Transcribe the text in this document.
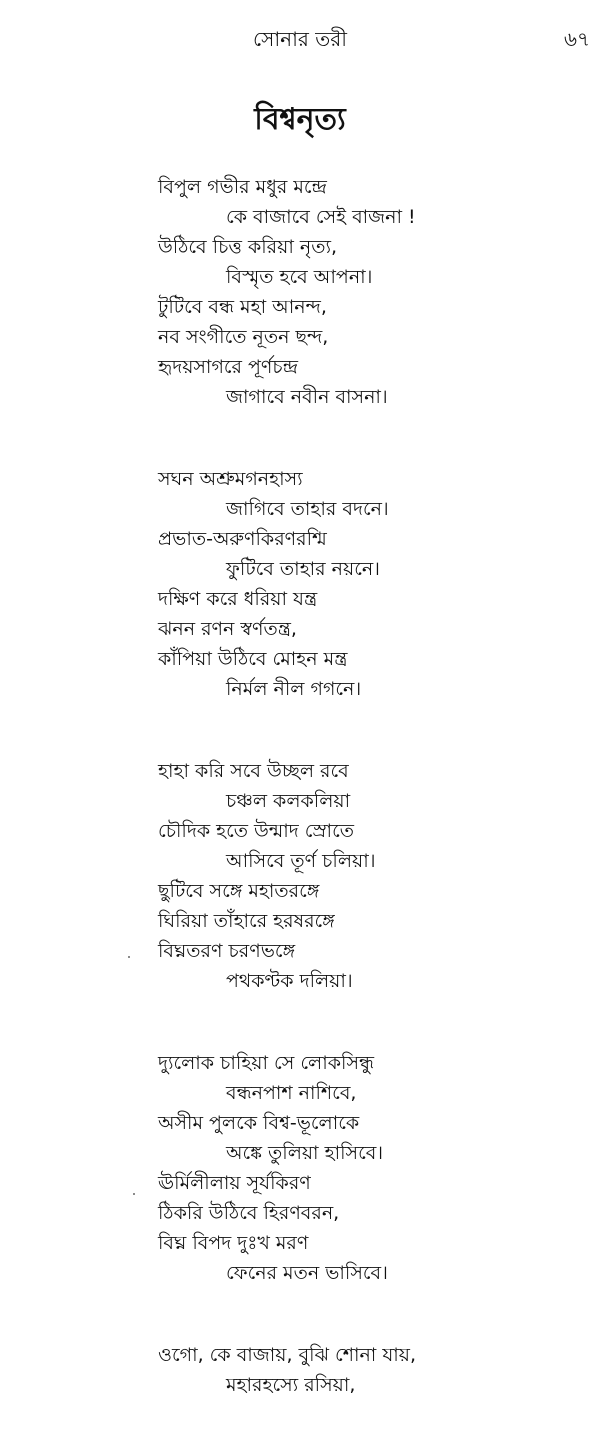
সোনার তরী	৬৭
বিশ্বনৃত্য
বিপুল গভীর মধুর মন্দ্রে
কে বাজাবে সেই বাজনা !
উঠিবে চিত্ত করিয়া নৃত্য,
বিস্মৃত হবে আপনা।
টুটিবে বন্ধ মহা আনন্দ,
নব সংগীতে নূতন ছন্দ,
হৃদয়সাগরে পূর্ণচন্দ্র
জাগাবে নবীন বাসনা।
সঘন অশ্রুমগনহাস্য
জাগিবে তাহার বদনে।
প্রভাত-অরুণকিরণরশ্মি
ফুটিবে তাহার নয়নে।
দক্ষিণ করে ধরিয়া যন্ত্র
ঝনন রণন স্বর্ণতন্ত্র,
কাঁপিয়া উঠিবে মোহন মন্ত্র
নির্মল নীল গগনে।
হাহা করি সবে উচ্ছল রবে
চঞ্চল কলকলিয়া
চৌদিক হতে উন্মাদ স্রোতে
আসিবে তূর্ণ চলিয়া।
ছুটিবে সঙ্গে মহাতরঙ্গে
ঘিরিয়া তাঁহারে হরষরঙ্গে
বিঘ্নতরণ চরণভঙ্গে
পথকণ্টক দলিয়া।
দ্যুলোক চাহিয়া সে লোকসিন্ধু
বন্ধনপাশ নাশিবে,
অসীম পুলকে বিশ্ব-ভূলোকে
অঙ্কে তুলিয়া হাসিবে।
ঊর্মিলীলায় সূর্যকিরণ
ঠিকরি উঠিবে হিরণবরন,
বিঘ্ন বিপদ দুঃখ মরণ
ফেনের মতন ভাসিবে।
ওগো, কে বাজায়, বুঝি শোনা যায়,
মহারহস্যে রসিয়া,
